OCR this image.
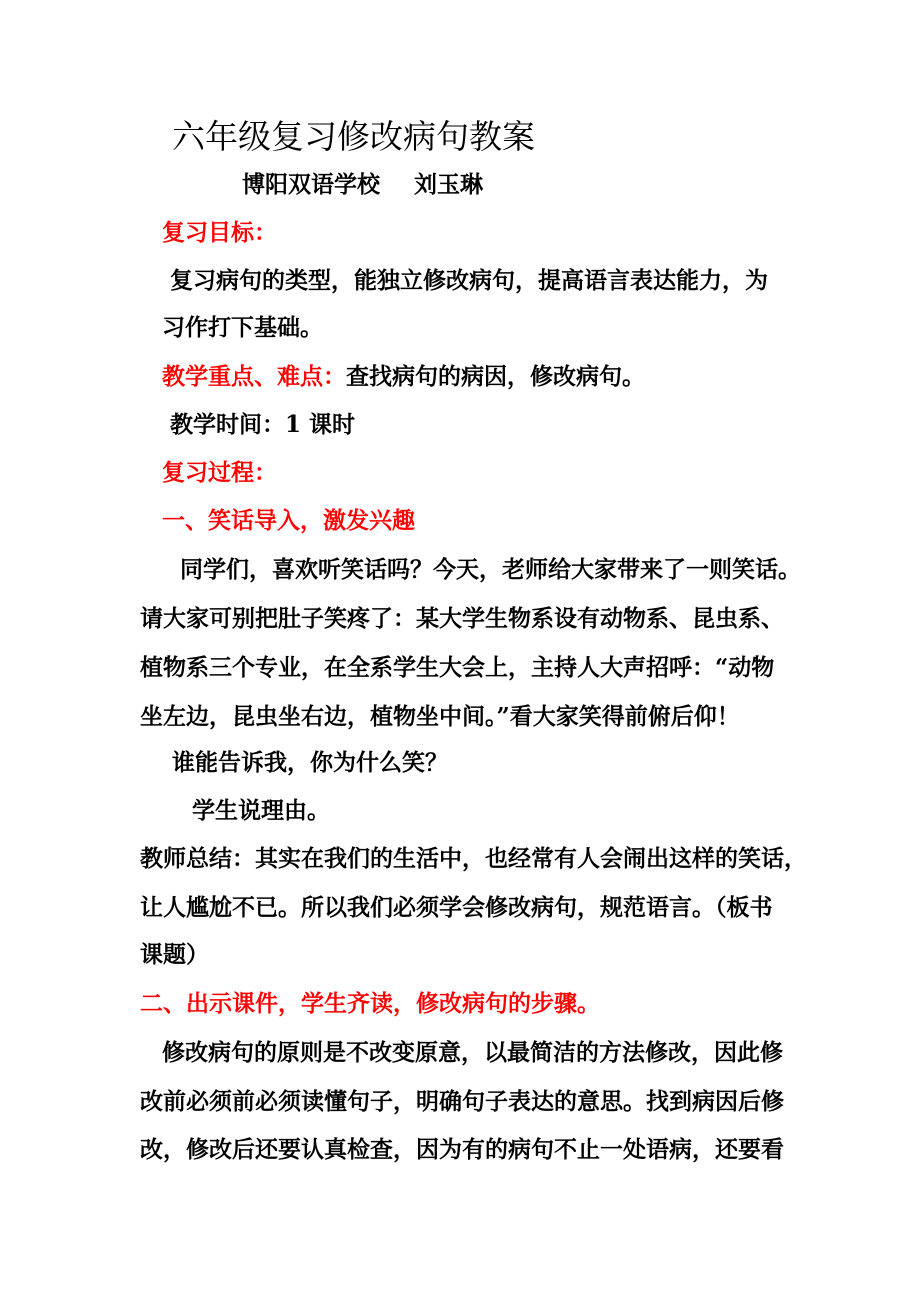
六年级复习修改病句教案
博阳双语学校 刘玉琳
复习目标：
复习病句的类型，能独立修改病句，提高语言表达能力，为
习作打下基础。
教学重点、难点：查找病句的病因，修改病句。
教学时间：1 课时
复习过程：
一、笑话导入，激发兴趣
同学们，喜欢听笑话吗？今天，老师给大家带来了一则笑话。
请大家可别把肚子笑疼了：某大学生物系设有动物系、昆虫系、
植物系三个专业，在全系学生大会上，主持人大声招呼：“动物
坐左边，昆虫坐右边，植物坐中间。”看大家笑得前俯后仰！
谁能告诉我，你为什么笑？
学生说理由。
教师总结：其实在我们的生活中，也经常有人会闹出这样的笑话，
让人尴尬不已。所以我们必须学会修改病句，规范语言。（板书
课题）
二、出示课件，学生齐读，修改病句的步骤。
修改病句的原则是不改变原意，以最简洁的方法修改，因此修
改前必须前必须读懂句子，明确句子表达的意思。找到病因后修
改，修改后还要认真检查，因为有的病句不止一处语病，还要看
